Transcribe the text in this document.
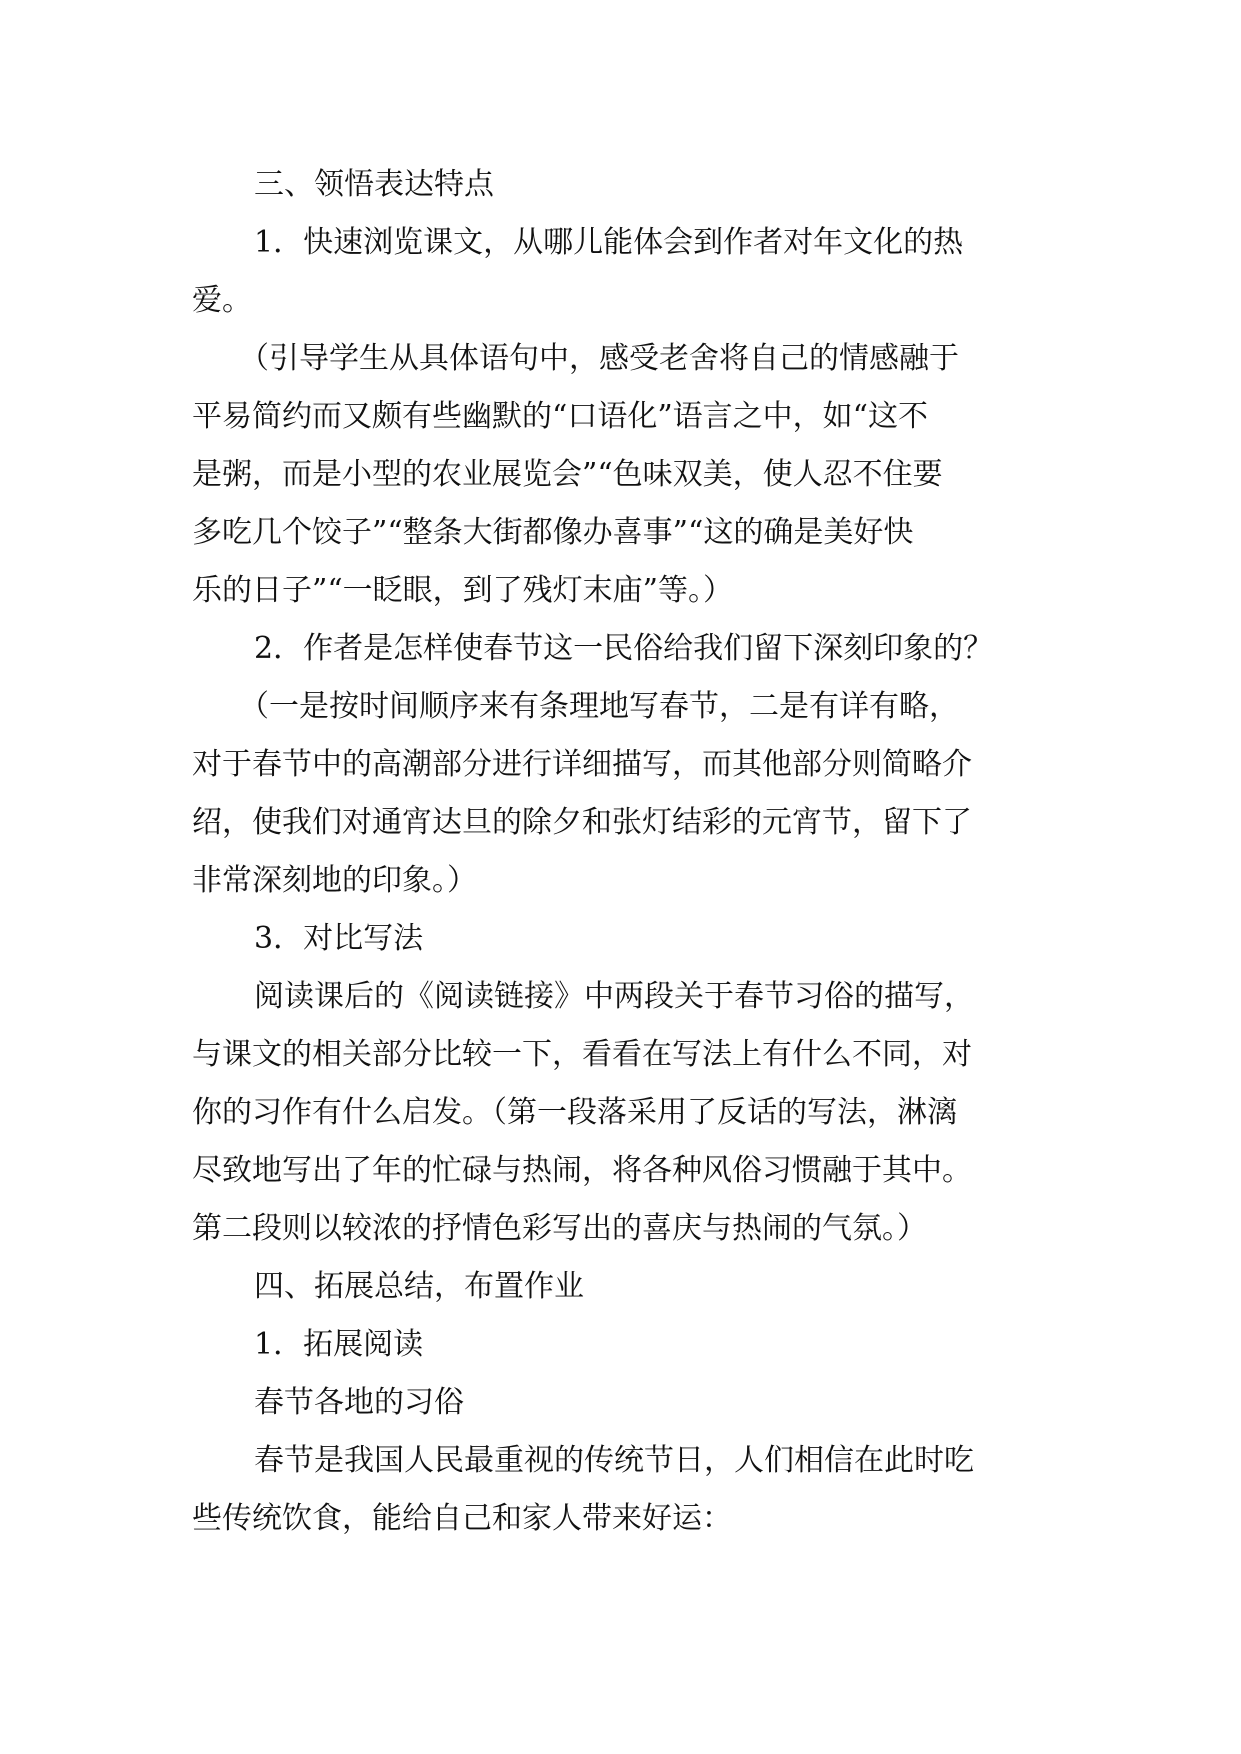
三、领悟表达特点
1．快速浏览课文，从哪儿能体会到作者对年文化的热
爱。
（引导学生从具体语句中，感受老舍将自己的情感融于
平易简约而又颇有些幽默的“口语化”语言之中，如“这不
是粥，而是小型的农业展览会”“色味双美，使人忍不住要
多吃几个饺子”“整条大街都像办喜事”“这的确是美好快
乐的日子”“一眨眼，到了残灯末庙”等。）
2．作者是怎样使春节这一民俗给我们留下深刻印象的？
（一是按时间顺序来有条理地写春节，二是有详有略，
对于春节中的高潮部分进行详细描写，而其他部分则简略介
绍，使我们对通宵达旦的除夕和张灯结彩的元宵节，留下了
非常深刻地的印象。）
3．对比写法
阅读课后的《阅读链接》中两段关于春节习俗的描写，
与课文的相关部分比较一下，看看在写法上有什么不同，对
你的习作有什么启发。（第一段落采用了反话的写法，淋漓
尽致地写出了年的忙碌与热闹，将各种风俗习惯融于其中。
第二段则以较浓的抒情色彩写出的喜庆与热闹的气氛。）
四、拓展总结，布置作业
1．拓展阅读
春节各地的习俗
春节是我国人民最重视的传统节日，人们相信在此时吃
些传统饮食，能给自己和家人带来好运：
